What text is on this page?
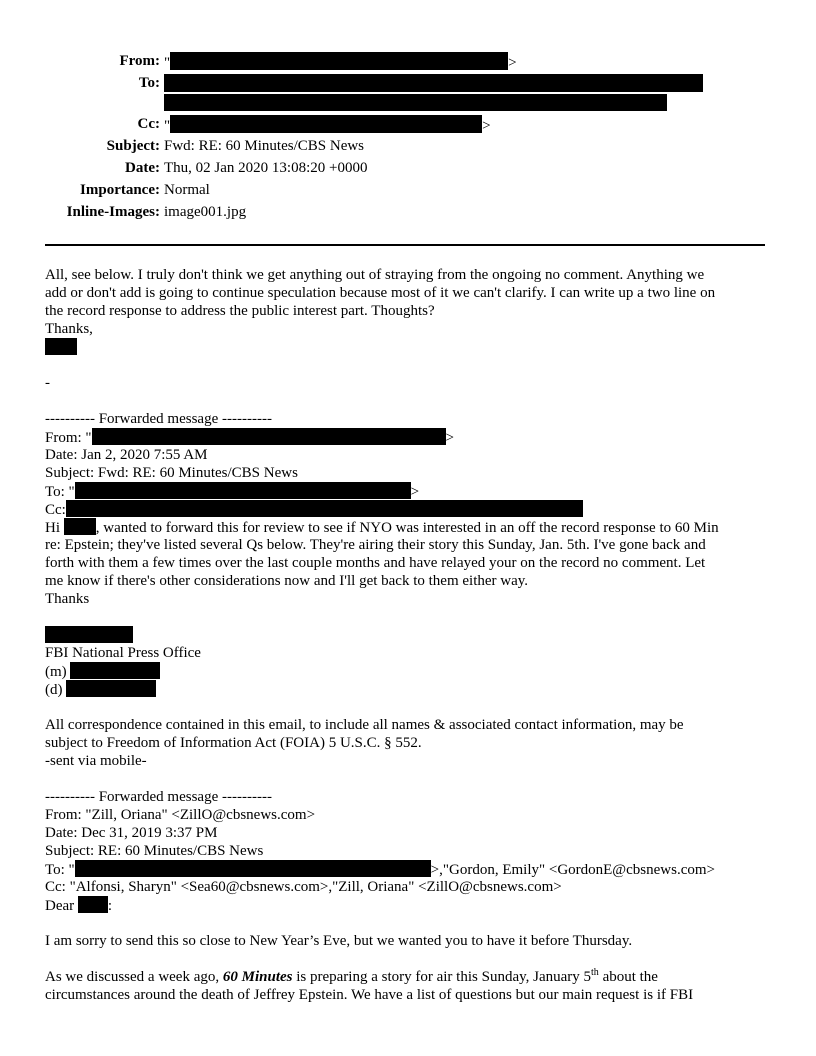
From: "	>
To:
Cc: "	>
Subject: Fwd: RE: 60 Minutes/CBS News
Date: Thu, 02 Jan 2020 13:08:20 +0000
Importance: Normal
Inline-Images: image001.jpg
All, see below. I truly don't think we get anything out of straying from the ongoing no comment. Anything we
add or don't add is going to continue speculation because most of it we can't clarify. I can write up a two line on
the record response to address the public interest part. Thoughts?
Thanks,
-
---------- Forwarded message ----------
From: "	>
Date: Jan 2, 2020 7:55 AM
Subject: Fwd: RE: 60 Minutes/CBS News
To: "	>
Cc:
Hi , wanted to forward this for review to see if NYO was interested in an off the record response to 60 Min
re: Epstein; they've listed several Qs below. They're airing their story this Sunday, Jan. 5th. I've gone back and
forth with them a few times over the last couple months and have relayed your on the record no comment. Let
me know if there's other considerations now and I'll get back to them either way.
Thanks
FBI National Press Office
(m)
(d)
All correspondence contained in this email, to include all names & associated contact information, may be
subject to Freedom of Information Act (FOIA) 5 U.S.C. § 552.
-sent via mobile-
---------- Forwarded message ----------
From: "Zill, Oriana" <ZillO@cbsnews.com>
Date: Dec 31, 2019 3:37 PM
Subject: RE: 60 Minutes/CBS News
To: "	>,"Gordon, Emily" <GordonE@cbsnews.com>
Cc: "Alfonsi, Sharyn" <Sea60@cbsnews.com>,"Zill, Oriana" <ZillO@cbsnews.com>
Dear :
I am sorry to send this so close to New Year’s Eve, but we wanted you to have it before Thursday.
As we discussed a week ago, 60 Minutes is preparing a story for air this Sunday, January 5th about the
circumstances around the death of Jeffrey Epstein. We have a list of questions but our main request is if FBI
